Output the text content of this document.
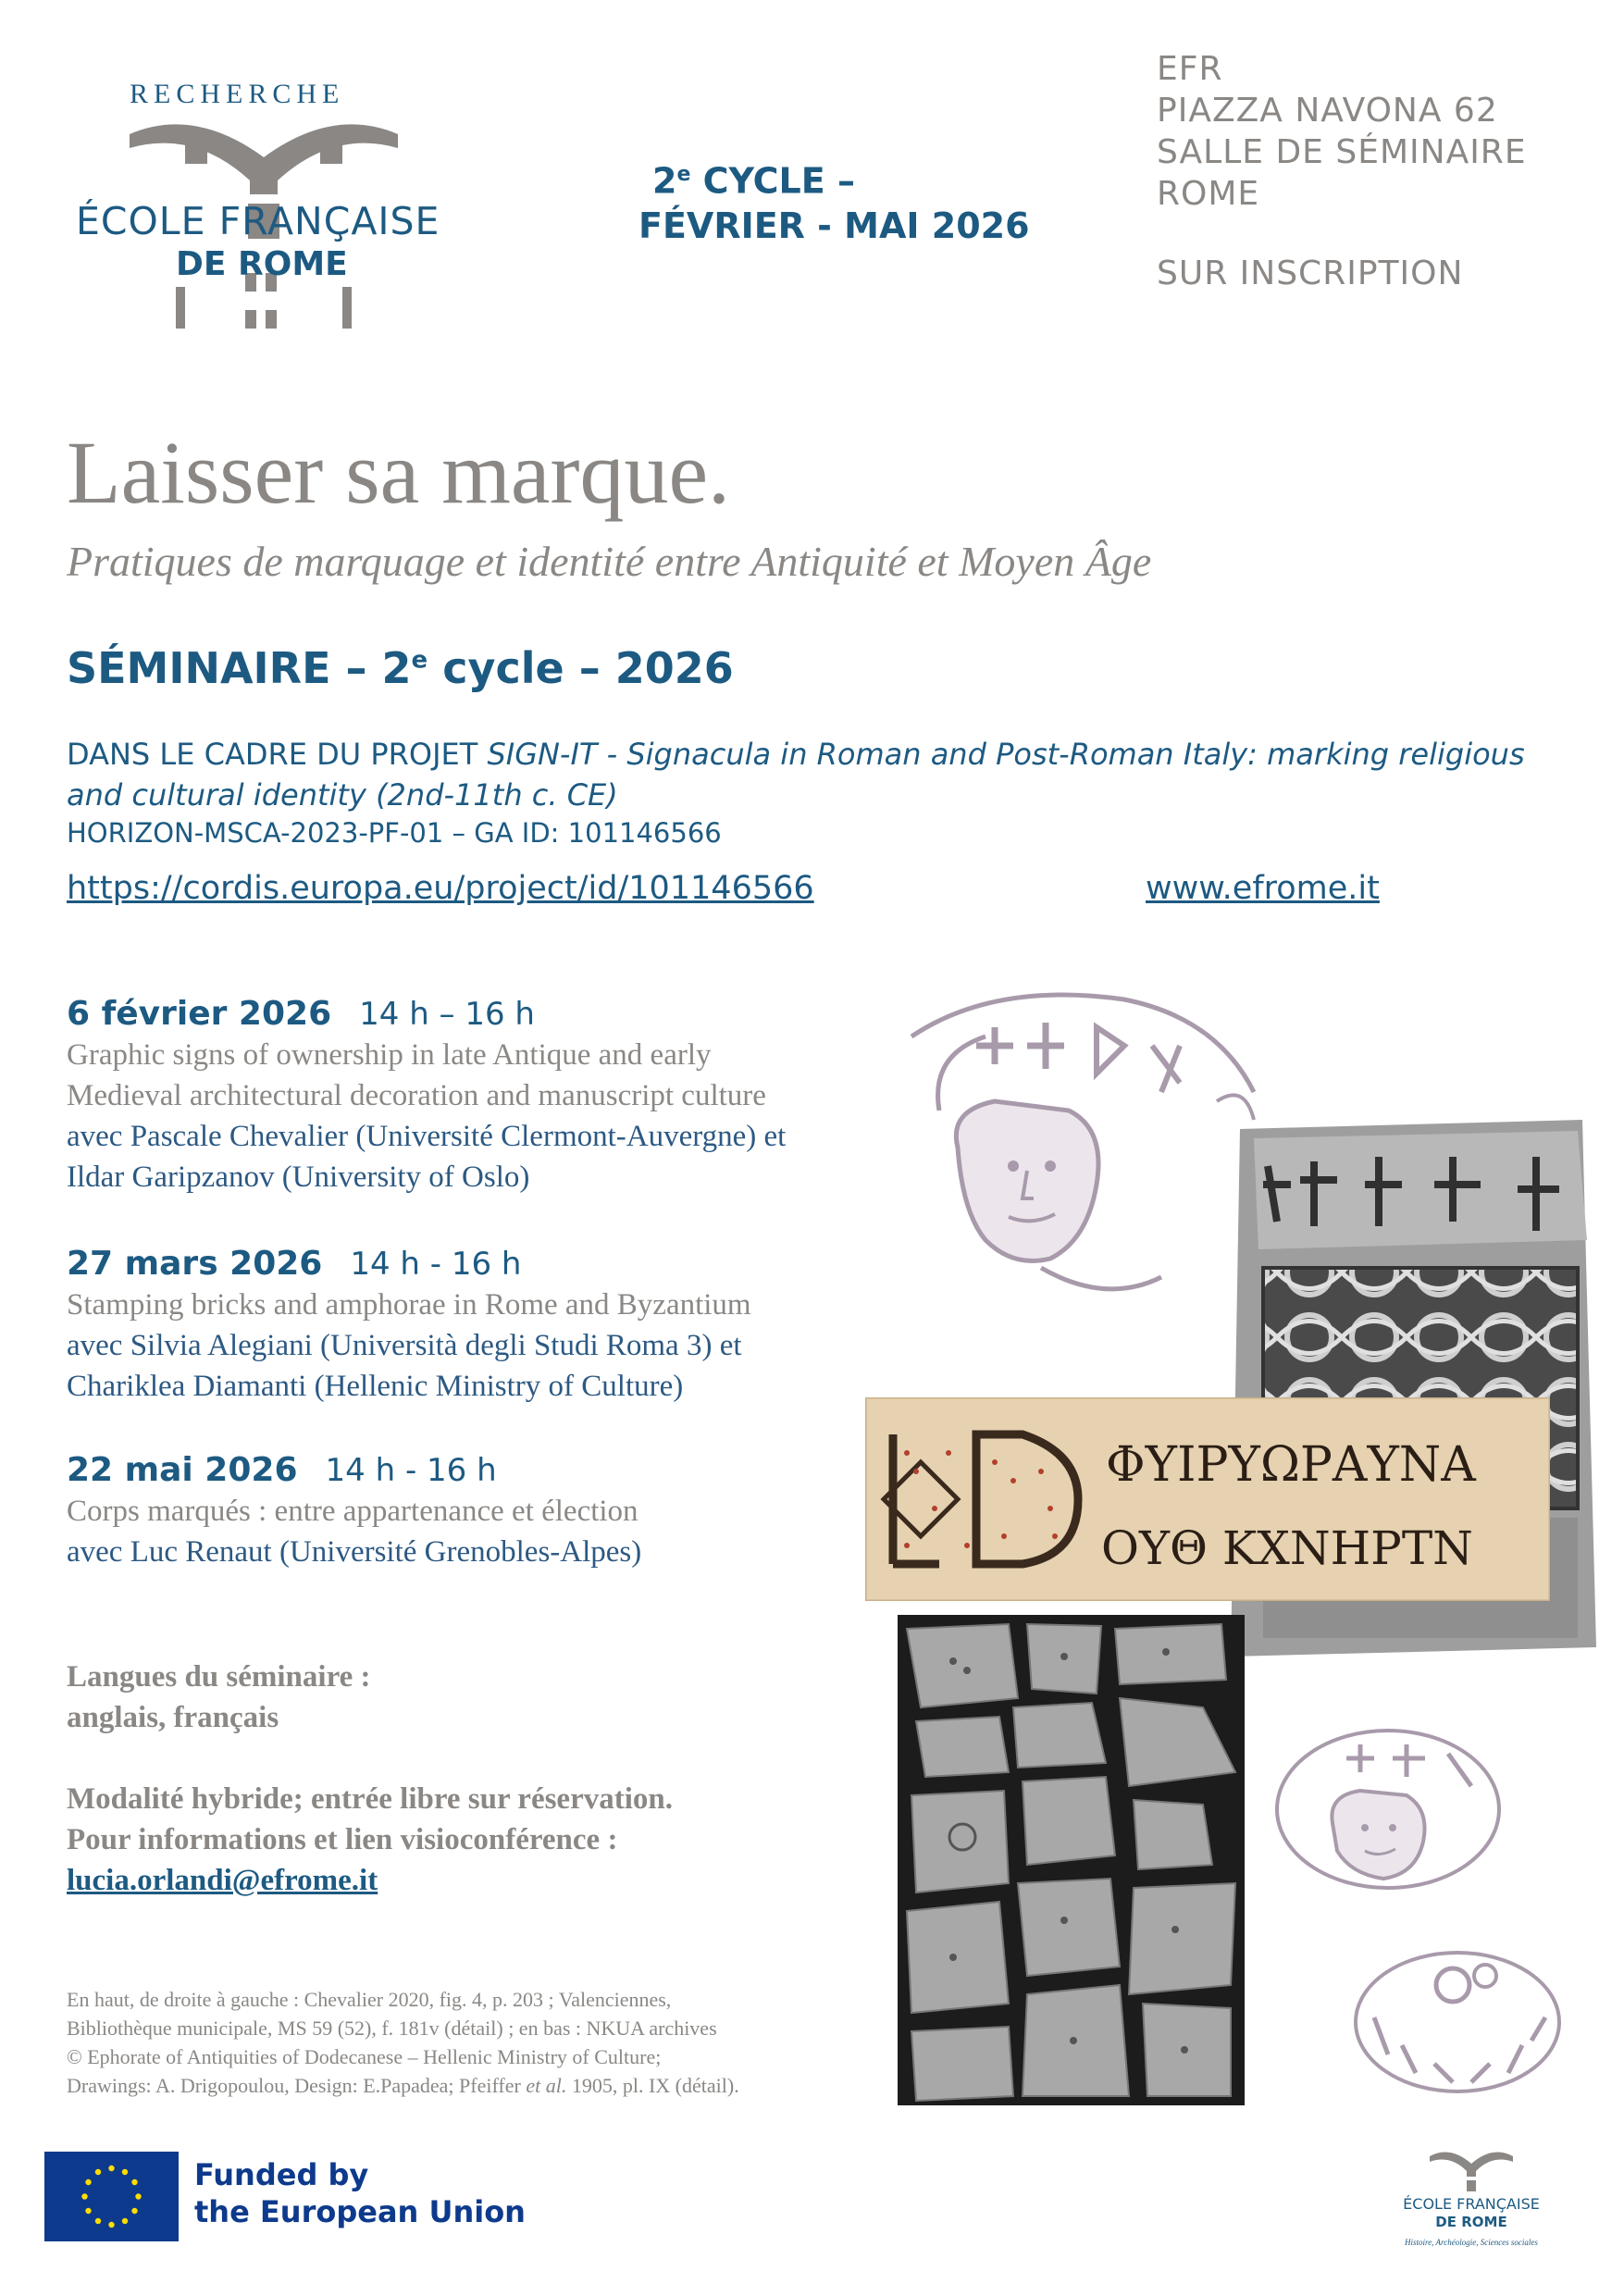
RECHERCHE
ÉCOLE FRANÇAISE
DE ROME
2e CYCLE –
FÉVRIER - MAI 2026
EFR
PIAZZA NAVONA 62
SALLE DE SÉMINAIRE
ROME
SUR INSCRIPTION
Laisser sa marque.
Pratiques de marquage et identité entre Antiquité et Moyen Âge
SÉMINAIRE – 2e cycle – 2026
DANS LE CADRE DU PROJET SIGN-IT - Signacula in Roman and Post-Roman Italy: marking religious and cultural identity (2nd-11th c. CE)
HORIZON-MSCA-2023-PF-01 – GA ID: 101146566
https://cordis.europa.eu/project/id/101146566	www.efrome.it
6 février 2026 14 h – 16 h
Graphic signs of ownership in late Antique and early
Medieval architectural decoration and manuscript culture
avec Pascale Chevalier (Université Clermont-Auvergne) et
Ildar Garipzanov (University of Oslo)
27 mars 2026 14 h - 16 h
Stamping bricks and amphorae in Rome and Byzantium
avec Silvia Alegiani (Università degli Studi Roma 3) et
Chariklea Diamanti (Hellenic Ministry of Culture)
22 mai 2026 14 h - 16 h
Corps marqués : entre appartenance et élection
avec Luc Renaut (Université Grenobles-Alpes)
Langues du séminaire :
anglais, français
Modalité hybride; entrée libre sur réservation.
Pour informations et lien visioconférence :
lucia.orlandi@efrome.it
En haut, de droite à gauche : Chevalier 2020, fig. 4, p. 203 ; Valenciennes,
Bibliothèque municipale, MS 59 (52), f. 181v (détail) ; en bas : NKUA archives
© Ephorate of Antiquities of Dodecanese – Hellenic Ministry of Culture;
Drawings: A. Drigopoulou, Design: E.Papadea; Pfeiffer et al. 1905, pl. IX (détail).
ΦΥΙΡΥΩΡΑΥΝΑ
ΟΥΘ ΚΧΝΗΡΤΝ
Funded by
the European Union	ÉCOLE FRANÇAISE
DE ROME
Histoire, Archéologie, Sciences sociales
